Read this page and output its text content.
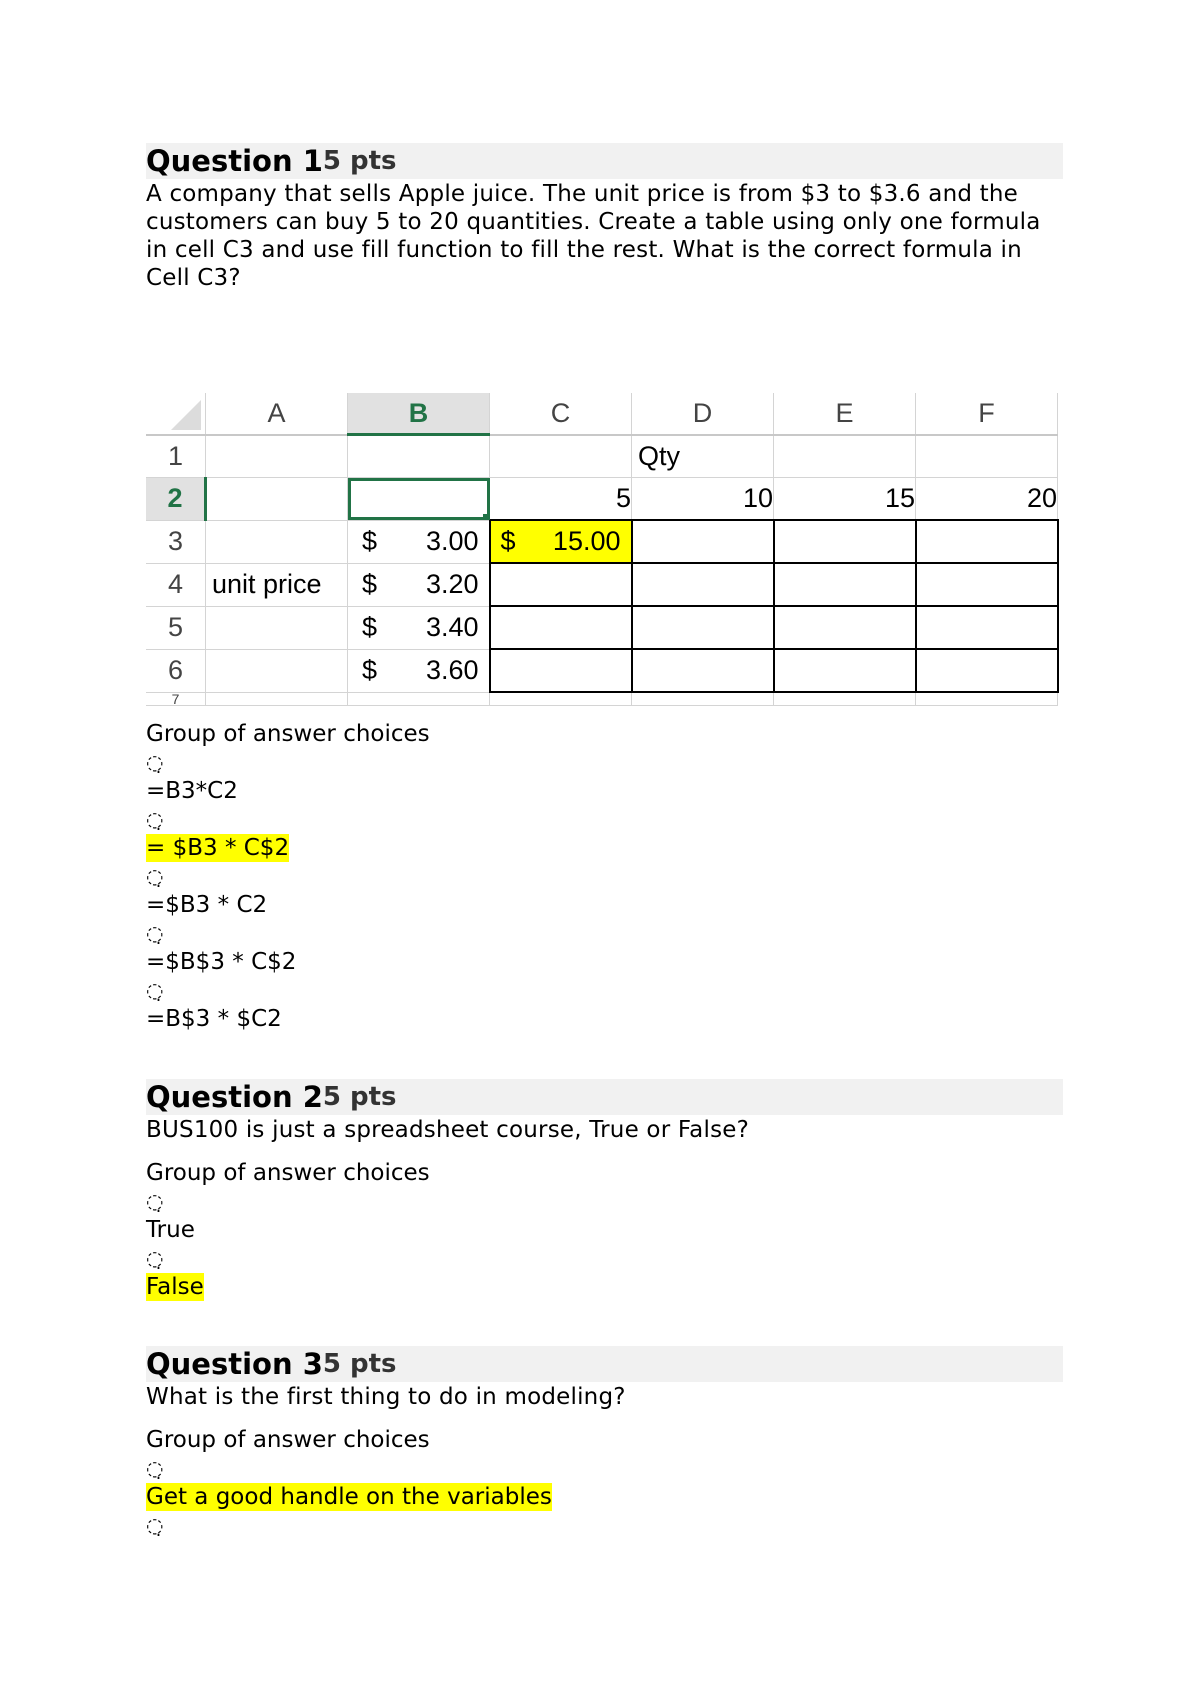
Question 1 5 pts

A company that sells Apple juice. The unit price is from $3 to $3.6 and the customers can buy 5 to 20 quantities. Create a table using only one formula in cell C3 and use fill function to fill the rest. What is the correct formula in Cell C3?

	A	B	C	D	E	F
1				Qty		
2			5	10	15	20
3		$ 3.00	$ 15.00			

4	unit price	$ 3.20				

5		$ 3.40				

6		$ 3.60				

7						
Group of answer choices
◌̣
=B3*C2
◌̣
= $B3 * C$2
◌̣
=$B3 * C2
◌̣
=$B$3 * C$2
◌̣
=B$3 * $C2
Question 2 5 pts

BUS100 is just a spreadsheet course, True or False?

Group of answer choices
◌̣
True
◌̣
False
Question 3 5 pts

What is the first thing to do in modeling?

Group of answer choices
◌̣
Get a good handle on the variables
◌̣
